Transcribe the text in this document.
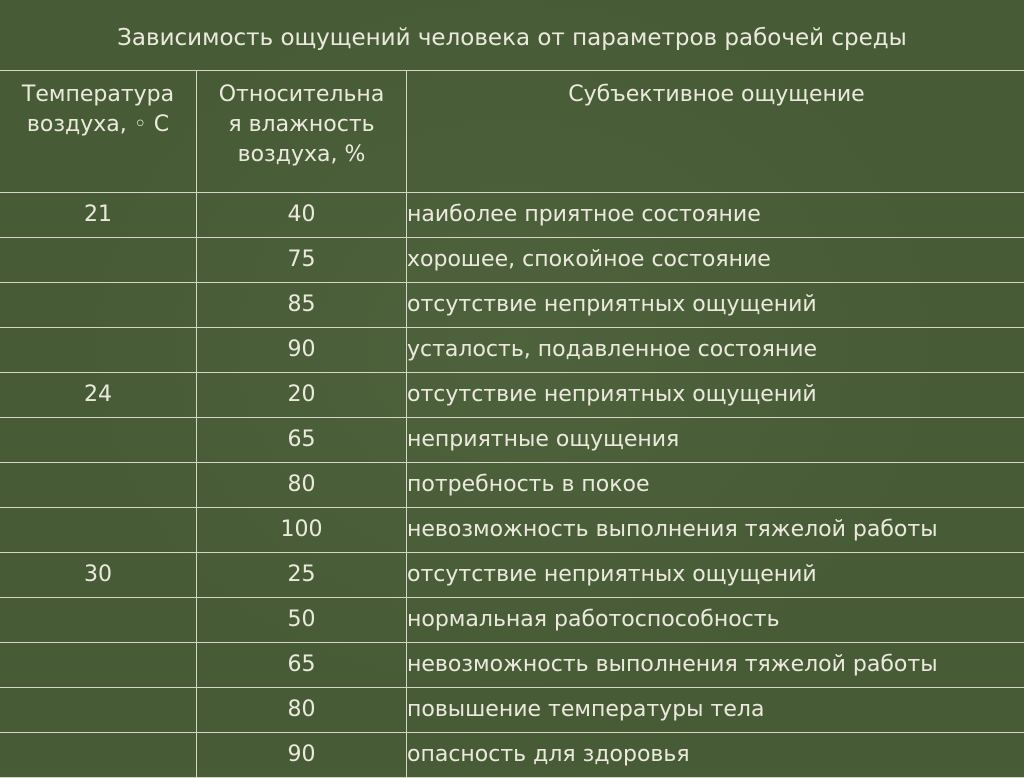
Зависимость ощущений человека от параметров рабочей среды
Температура
воздуха, ◦ С	Относительна
я влажность
воздуха, %	Субъективное ощущение
21	40	наиболее приятное состояние
	75	хорошее, спокойное состояние
	85	отсутствие неприятных ощущений
	90	усталость, подавленное состояние
24	20	отсутствие неприятных ощущений
	65	неприятные ощущения
	80	потребность в покое
	100	невозможность выполнения тяжелой работы
30	25	отсутствие неприятных ощущений
	50	нормальная работоспособность
	65	невозможность выполнения тяжелой работы
	80	повышение температуры тела
	90	опасность для здоровья
